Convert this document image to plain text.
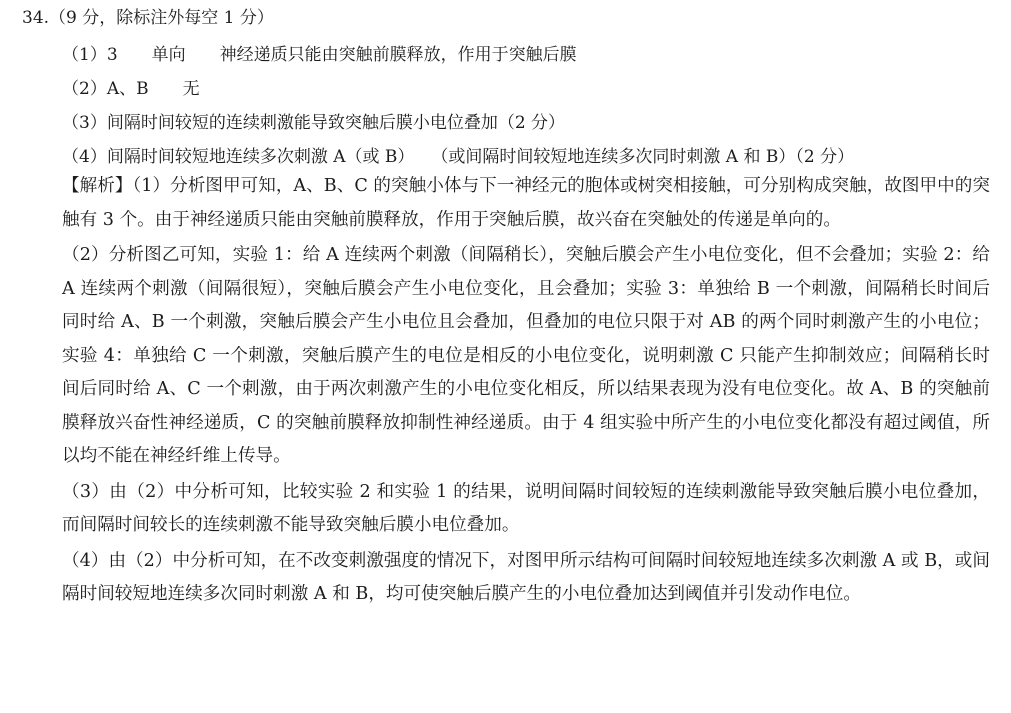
34.（9 分，除标注外每空 1 分）
（1）3　　单向　　神经递质只能由突触前膜释放，作用于突触后膜
（2）A、B　　无
（3）间隔时间较短的连续刺激能导致突触后膜小电位叠加（2 分）
（4）间隔时间较短地连续多次刺激 A（或 B）　　（或间隔时间较短地连续多次同时刺激 A 和 B）（2 分）

【解析】（1）分析图甲可知，A、B、C 的突触小体与下一神经元的胞体或树突相接触，可分别构成突触，故图甲中的突触有 3 个。由于神经递质只能由突触前膜释放，作用于突触后膜，故兴奋在突触处的传递是单向的。

（2）分析图乙可知，实验 1：给 A 连续两个刺激（间隔稍长），突触后膜会产生小电位变化，但不会叠加；实验 2：给 A 连续两个刺激（间隔很短），突触后膜会产生小电位变化，且会叠加；实验 3：单独给 B 一个刺激，间隔稍长时间后同时给 A、B 一个刺激，突触后膜会产生小电位且会叠加，但叠加的电位只限于对 AB 的两个同时刺激产生的小电位；实验 4：单独给 C 一个刺激，突触后膜产生的电位是相反的小电位变化，说明刺激 C 只能产生抑制效应；间隔稍长时间后同时给 A、C 一个刺激，由于两次刺激产生的小电位变化相反，所以结果表现为没有电位变化。故 A、B 的突触前膜释放兴奋性神经递质，C 的突触前膜释放抑制性神经递质。由于 4 组实验中所产生的小电位变化都没有超过阈值，所以均不能在神经纤维上传导。

（3）由（2）中分析可知，比较实验 2 和实验 1 的结果，说明间隔时间较短的连续刺激能导致突触后膜小电位叠加，而间隔时间较长的连续刺激不能导致突触后膜小电位叠加。

（4）由（2）中分析可知，在不改变刺激强度的情况下，对图甲所示结构可间隔时间较短地连续多次刺激 A 或 B，或间隔时间较短地连续多次同时刺激 A 和 B，均可使突触后膜产生的小电位叠加达到阈值并引发动作电位。
